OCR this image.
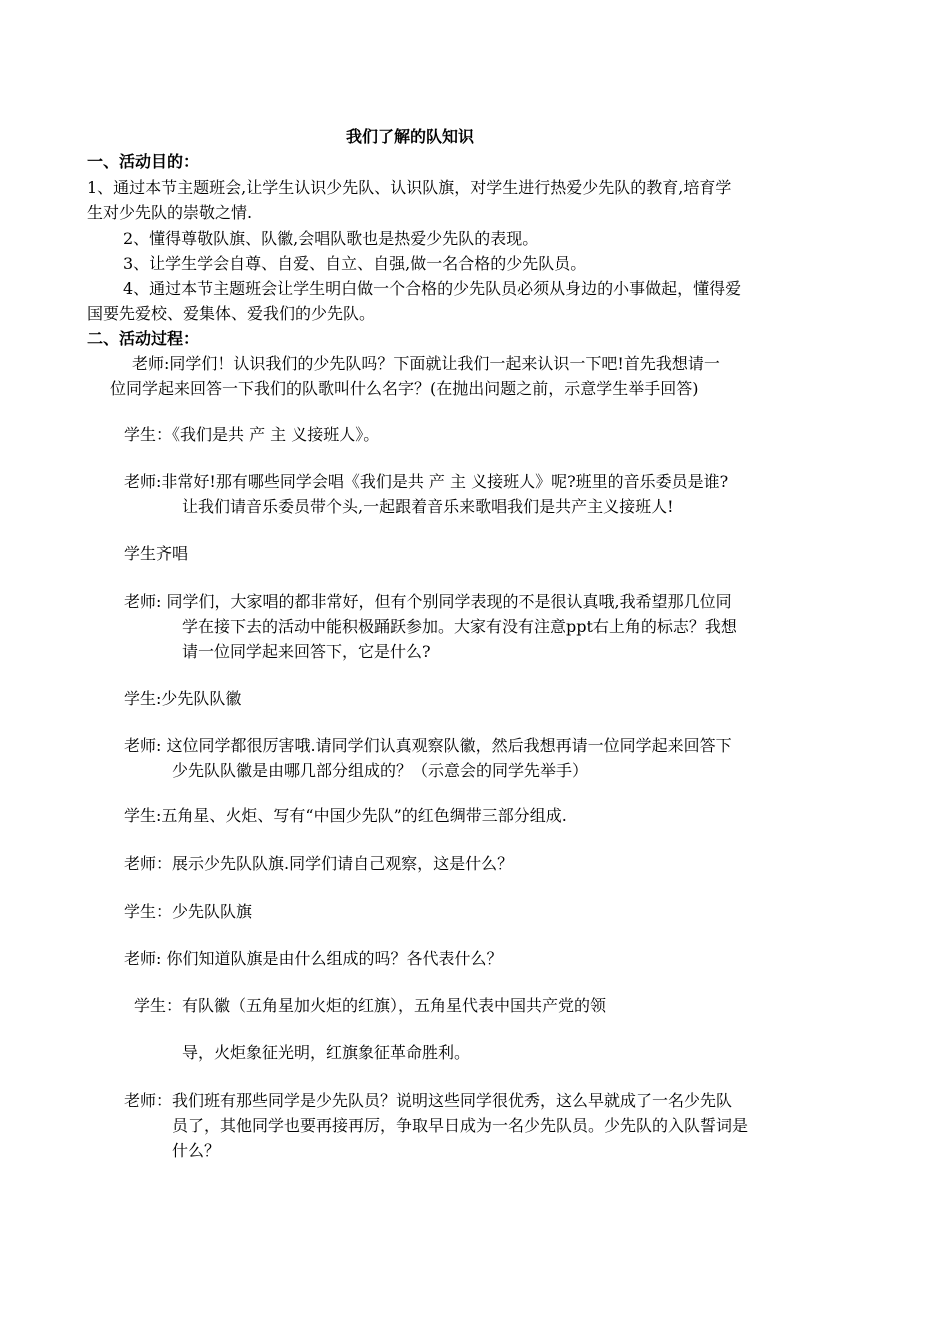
我们了解的队知识
一、活动目的：
1、通过本节主题班会,让学生认识少先队、认识队旗，对学生进行热爱少先队的教育,培育学
生对少先队的崇敬之情.
2、懂得尊敬队旗、队徽,会唱队歌也是热爱少先队的表现。
3、让学生学会自尊、自爱、自立、自强,做一名合格的少先队员。
4、通过本节主题班会让学生明白做一个合格的少先队员必须从身边的小事做起，懂得爱
国要先爱校、爱集体、爱我们的少先队。
二、活动过程：
老师:同学们！认识我们的少先队吗？下面就让我们一起来认识一下吧!首先我想请一
位同学起来回答一下我们的队歌叫什么名字？(在抛出问题之前，示意学生举手回答)
学生：《我们是共 产 主 义接班人》。
老师:非常好!那有哪些同学会唱《我们是共 产 主 义接班人》呢?班里的音乐委员是谁?
让我们请音乐委员带个头,一起跟着音乐来歌唱我们是共产主义接班人!
学生齐唱
老师: 同学们，大家唱的都非常好，但有个别同学表现的不是很认真哦,我希望那几位同
学在接下去的活动中能积极踊跃参加。大家有没有注意ppt右上角的标志？我想
请一位同学起来回答下，它是什么?
学生:少先队队徽
老师: 这位同学都很厉害哦.请同学们认真观察队徽，然后我想再请一位同学起来回答下
少先队队徽是由哪几部分组成的？（示意会的同学先举手）
学生:五角星、火炬、写有“中国少先队”的红色绸带三部分组成.
老师：展示少先队队旗.同学们请自己观察，这是什么？
学生：少先队队旗
老师: 你们知道队旗是由什么组成的吗？各代表什么？
学生：有队徽（五角星加火炬的红旗），五角星代表中国共产党的领
导，火炬象征光明，红旗象征革命胜利。
老师：我们班有那些同学是少先队员？说明这些同学很优秀，这么早就成了一名少先队
员了，其他同学也要再接再厉，争取早日成为一名少先队员。少先队的入队誓词是
什么？
